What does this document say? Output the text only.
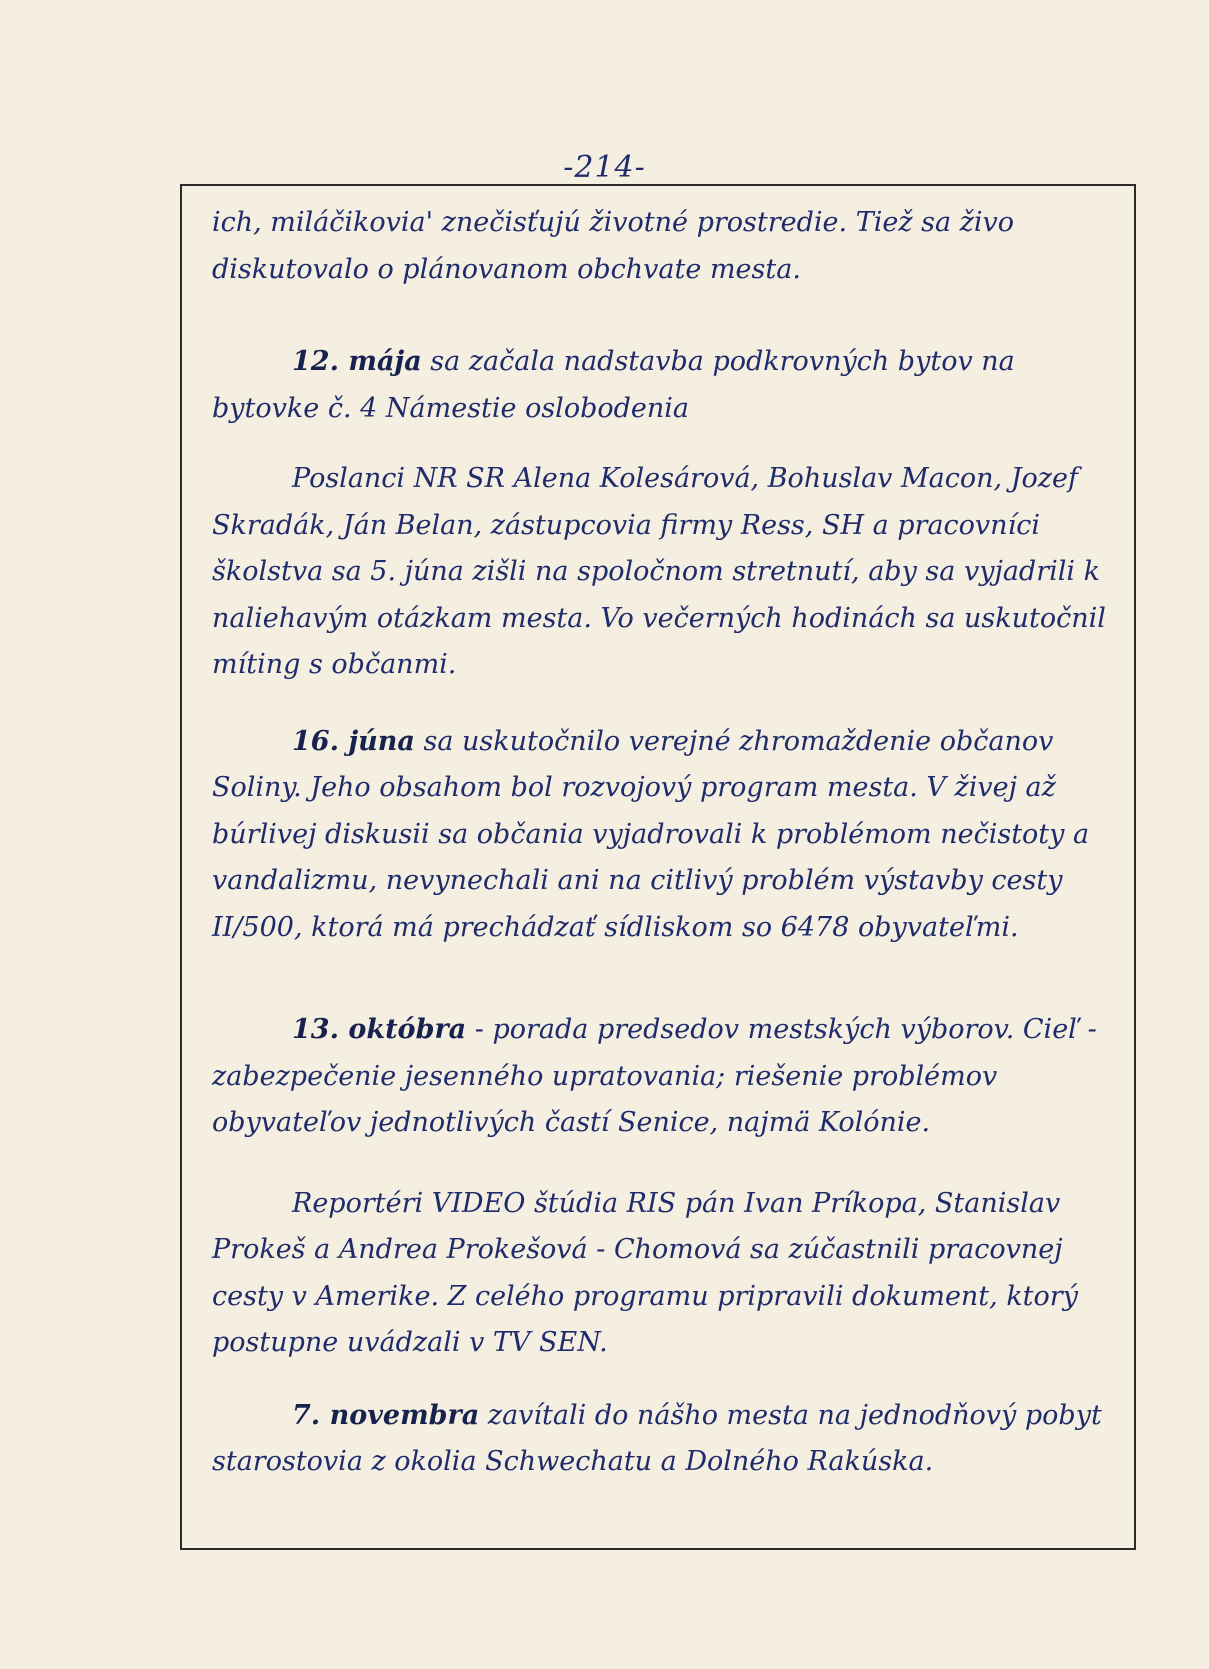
-214-

ich, miláčikovia' znečisťujú životné prostredie. Tiež sa živo diskutovalo o plánovanom obchvate mesta.

12. mája sa začala nadstavba podkrovných bytov na bytovke č. 4 Námestie oslobodenia

Poslanci NR SR Alena Kolesárová, Bohuslav Macon, Jozef Skradák, Ján Belan, zástupcovia firmy Ress, SH a pracovníci školstva sa 5. júna zišli na spoločnom stretnutí, aby sa vyjadrili k naliehavým otázkam mesta. Vo večerných hodinách sa uskutočnil míting s občanmi.

16. júna sa uskutočnilo verejné zhromaždenie občanov Soliny. Jeho obsahom bol rozvojový program mesta. V živej až búrlivej diskusii sa občania vyjadrovali k problémom nečistoty a vandalizmu, nevynechali ani na citlivý problém výstavby cesty II/500, ktorá má prechádzať sídliskom so 6478 obyvateľmi.

13. októbra - porada predsedov mestských výborov. Cieľ - zabezpečenie jesenného upratovania; riešenie problémov obyvateľov jednotlivých častí Senice, najmä Kolónie.

Reportéri VIDEO štúdia RIS pán Ivan Príkopa, Stanislav Prokeš a Andrea Prokešová - Chomová sa zúčastnili pracovnej cesty v Amerike. Z celého programu pripravili dokument, ktorý postupne uvádzali v TV SEN.

7. novembra zavítali do nášho mesta na jednodňový pobyt starostovia z okolia Schwechatu a Dolného Rakúska.
